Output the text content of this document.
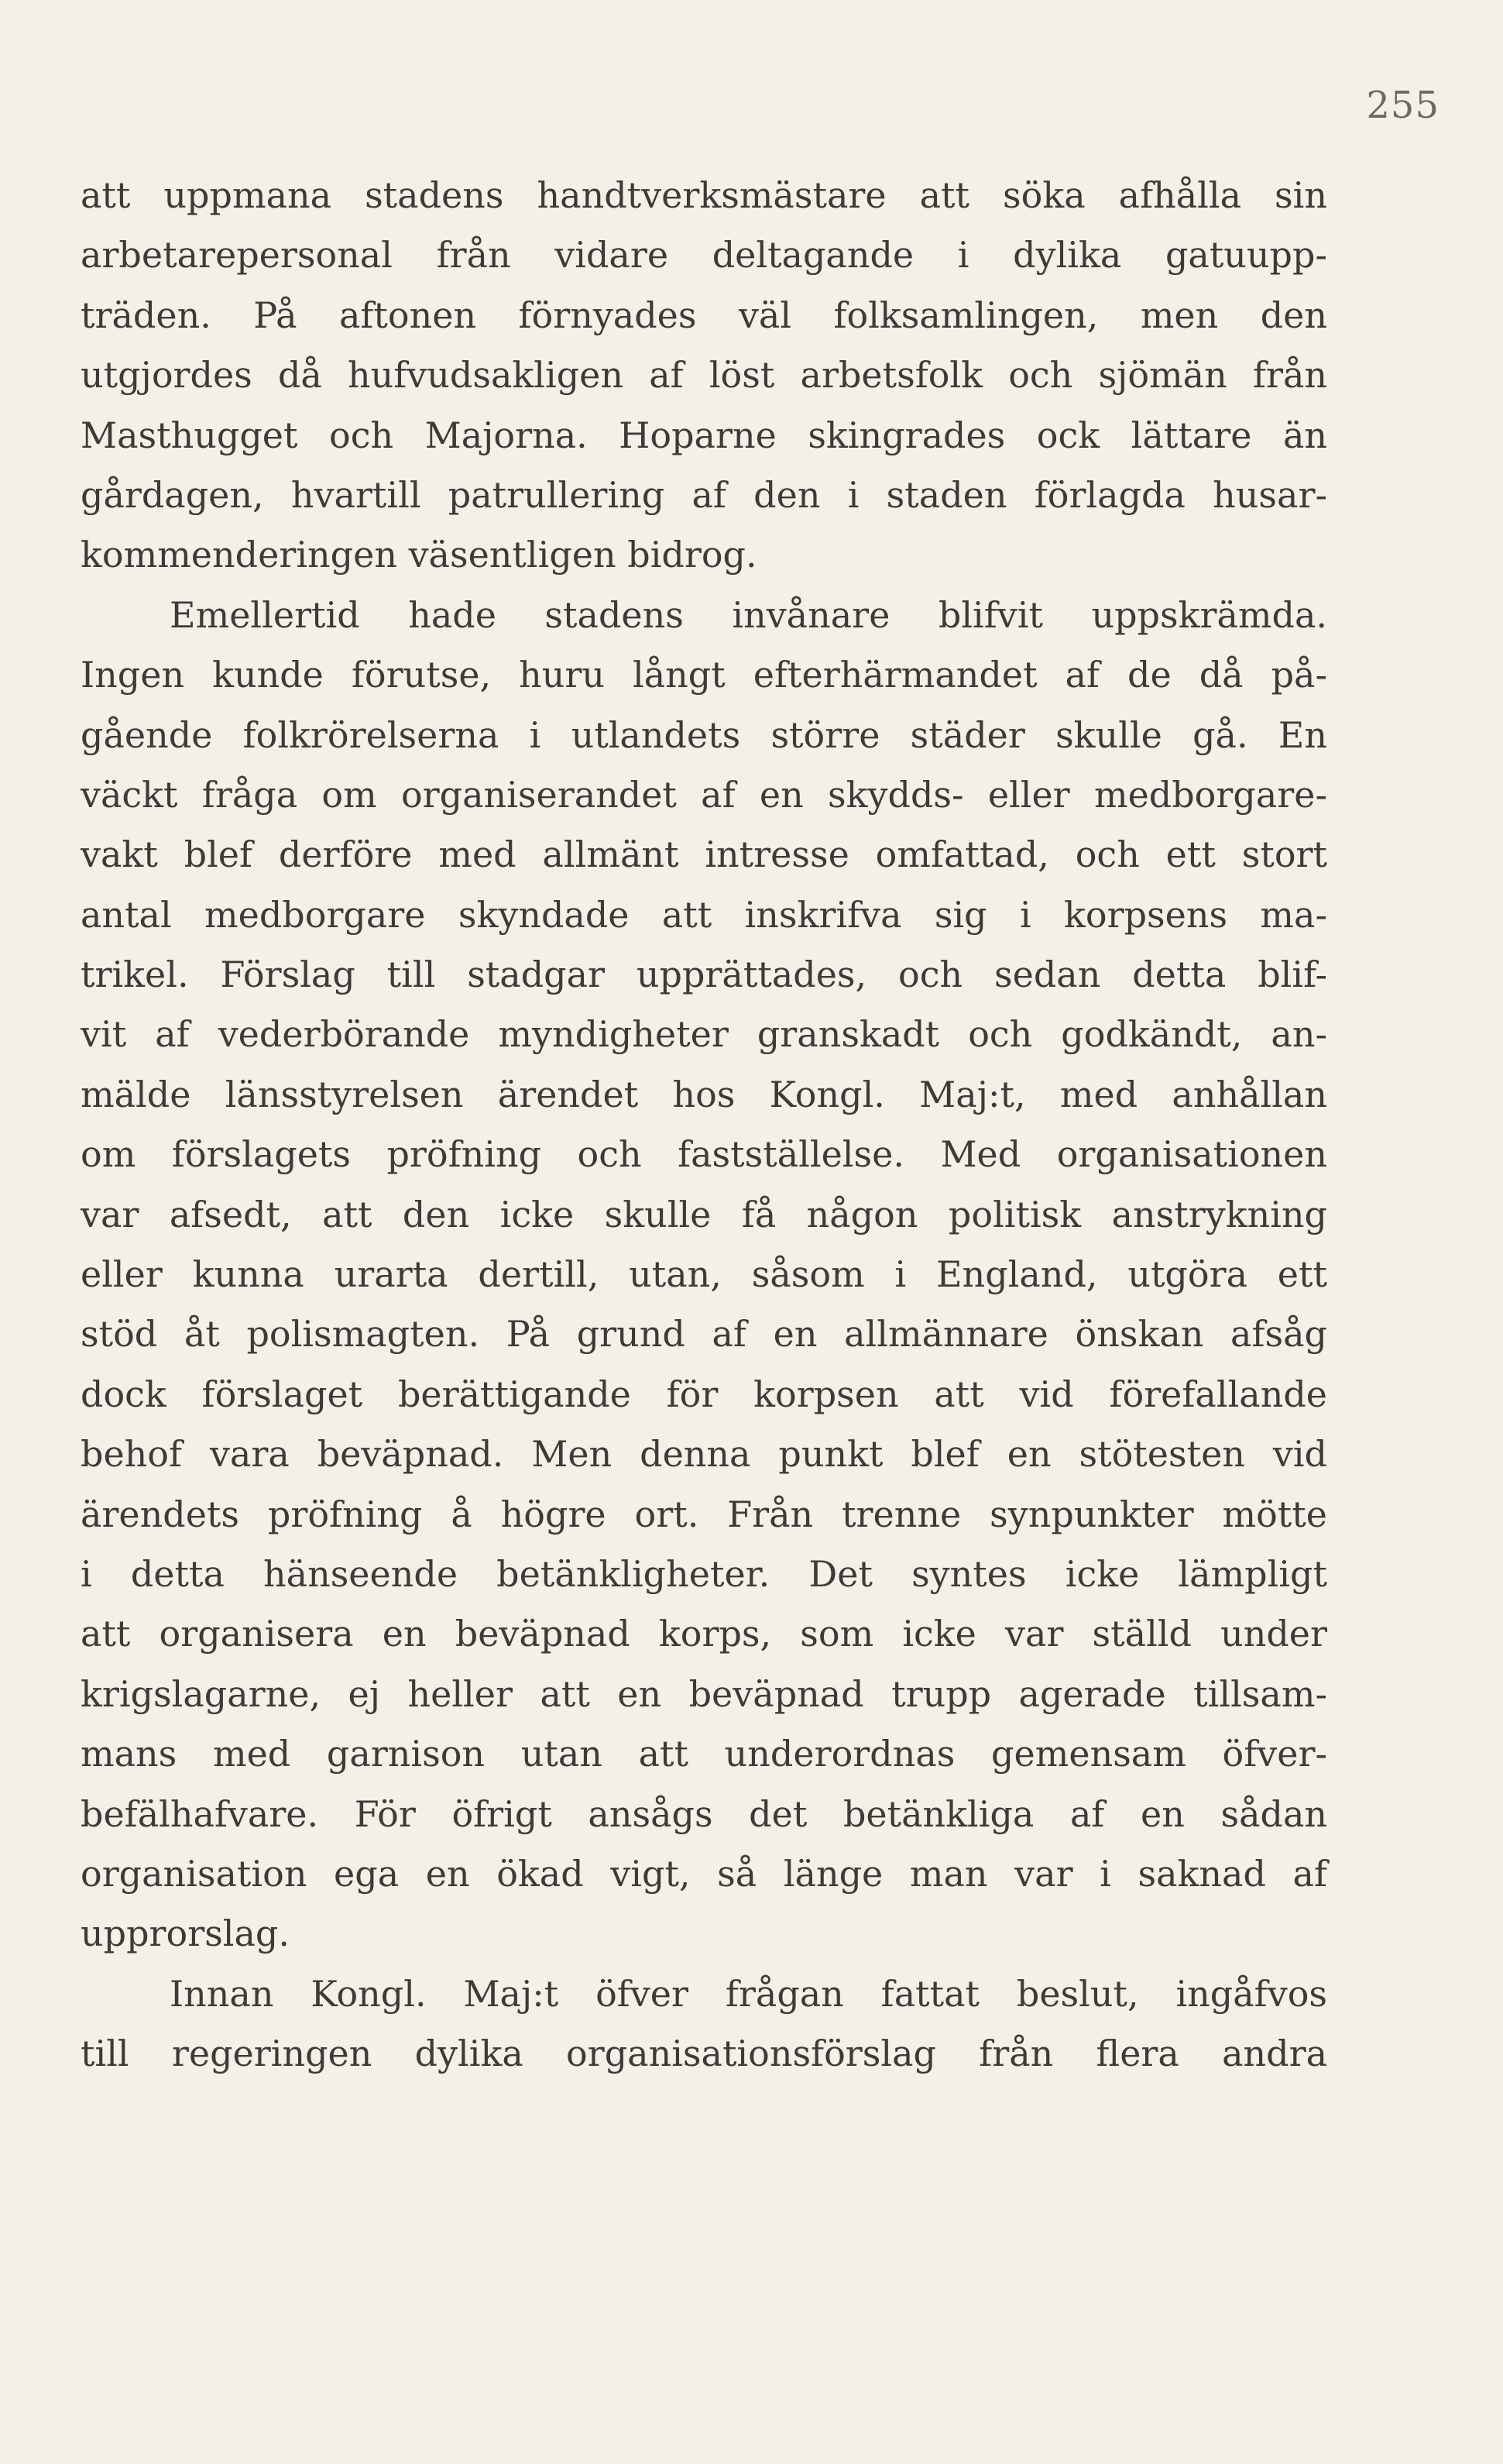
255
att uppmana stadens handtverksmästare att söka afhålla sin
arbetarepersonal från vidare deltagande i dylika gatuupp-
träden. På aftonen förnyades väl folksamlingen, men den
utgjordes då hufvudsakligen af löst arbetsfolk och sjömän från
Masthugget och Majorna. Hoparne skingrades ock lättare än
gårdagen, hvartill patrullering af den i staden förlagda husar-
kommenderingen väsentligen bidrog.
Emellertid hade stadens invånare blifvit uppskrämda.
Ingen kunde förutse, huru långt efterhärmandet af de då på-
gående folkrörelserna i utlandets större städer skulle gå. En
väckt fråga om organiserandet af en skydds- eller medborgare-
vakt blef derföre med allmänt intresse omfattad, och ett stort
antal medborgare skyndade att inskrifva sig i korpsens ma-
trikel. Förslag till stadgar upprättades, och sedan detta blif-
vit af vederbörande myndigheter granskadt och godkändt, an-
mälde länsstyrelsen ärendet hos Kongl. Maj:t, med anhållan
om förslagets pröfning och fastställelse. Med organisationen
var afsedt, att den icke skulle få någon politisk anstrykning
eller kunna urarta dertill, utan, såsom i England, utgöra ett
stöd åt polismagten. På grund af en allmännare önskan afsåg
dock förslaget berättigande för korpsen att vid förefallande
behof vara beväpnad. Men denna punkt blef en stötesten vid
ärendets pröfning å högre ort. Från trenne synpunkter mötte
i detta hänseende betänkligheter. Det syntes icke lämpligt
att organisera en beväpnad korps, som icke var ställd under
krigslagarne, ej heller att en beväpnad trupp agerade tillsam-
mans med garnison utan att underordnas gemensam öfver-
befälhafvare. För öfrigt ansågs det betänkliga af en sådan
organisation ega en ökad vigt, så länge man var i saknad af
upprorslag.
Innan Kongl. Maj:t öfver frågan fattat beslut, ingåfvos
till regeringen dylika organisationsförslag från flera andra
